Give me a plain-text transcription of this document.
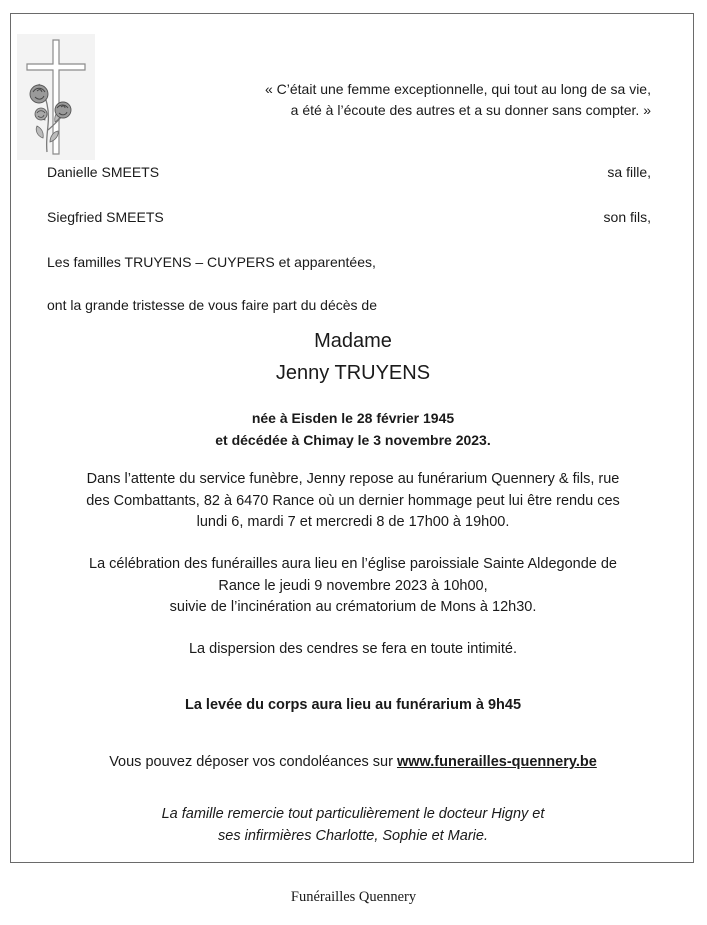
« C’était une femme exceptionnelle, qui tout au long de sa vie,
a été à l’écoute des autres et a su donner sans compter. »
Danielle SMEETS	sa fille,
Siegfried SMEETS	son fils,
Les familles TRUYENS – CUYPERS et apparentées,
ont la grande tristesse de vous faire part du décès de
Madame
Jenny TRUYENS
née à Eisden le 28 février 1945
et décédée à Chimay le 3 novembre 2023.
Dans l’attente du service funèbre, Jenny repose au funérarium Quennery & fils, rue
des Combattants, 82 à 6470 Rance où un dernier hommage peut lui être rendu ces
lundi 6, mardi 7 et mercredi 8 de 17h00 à 19h00.
La célébration des funérailles aura lieu en l’église paroissiale Sainte Aldegonde de
Rance le jeudi 9 novembre 2023 à 10h00,
suivie de l’incinération au crématorium de Mons à 12h30.
La dispersion des cendres se fera en toute intimité.
La levée du corps aura lieu au funérarium à 9h45
Vous pouvez déposer vos condoléances sur www.funerailles-quennery.be
La famille remercie tout particulièrement le docteur Higny et
ses infirmières Charlotte, Sophie et Marie.
Funérailles Quennery
